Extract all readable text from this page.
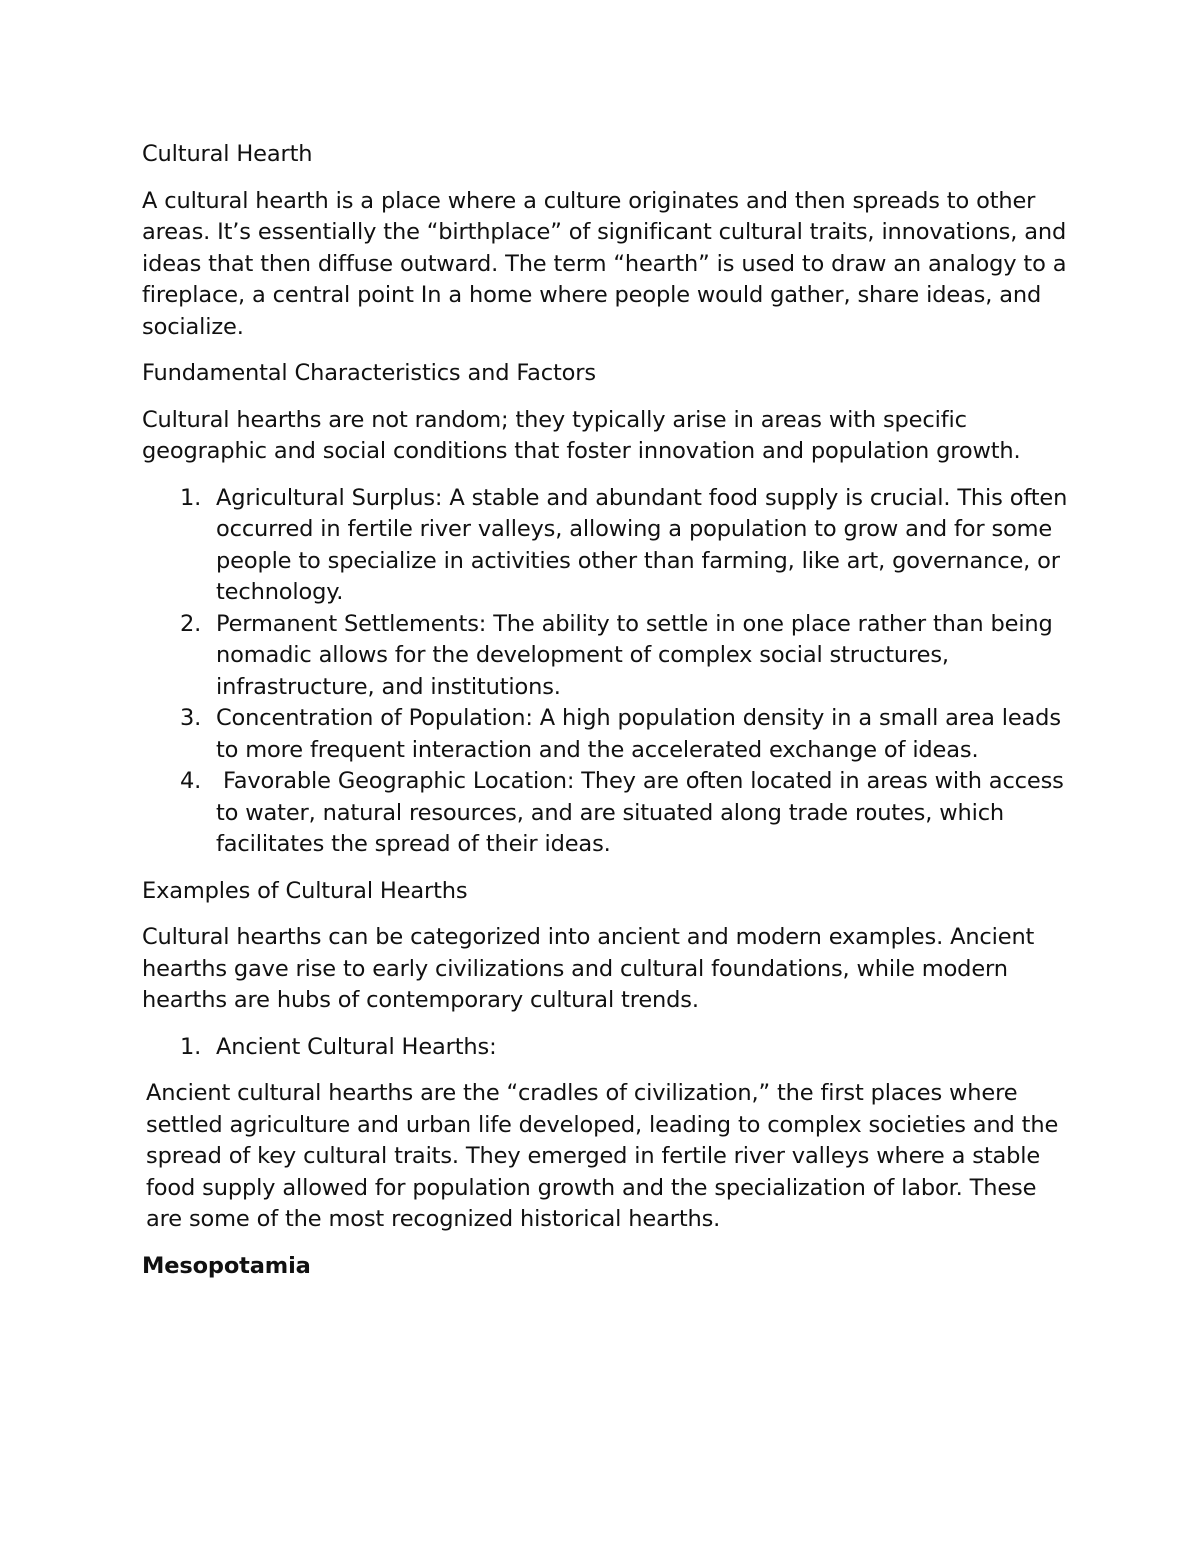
Cultural Hearth

A cultural hearth is a place where a culture originates and then spreads to other areas. It’s essentially the “birthplace” of significant cultural traits, innovations, and ideas that then diffuse outward. The term “hearth” is used to draw an analogy to a fireplace, a central point In a home where people would gather, share ideas, and socialize.

Fundamental Characteristics and Factors

Cultural hearths are not random; they typically arise in areas with specific geographic and social conditions that foster innovation and population growth.

1. Agricultural Surplus: A stable and abundant food supply is crucial. This often occurred in fertile river valleys, allowing a population to grow and for some people to specialize in activities other than farming, like art, governance, or technology.
2. Permanent Settlements: The ability to settle in one place rather than being nomadic allows for the development of complex social structures, infrastructure, and institutions.
3. Concentration of Population: A high population density in a small area leads to more frequent interaction and the accelerated exchange of ideas.
4. Favorable Geographic Location: They are often located in areas with access to water, natural resources, and are situated along trade routes, which facilitates the spread of their ideas.

Examples of Cultural Hearths

Cultural hearths can be categorized into ancient and modern examples. Ancient hearths gave rise to early civilizations and cultural foundations, while modern hearths are hubs of contemporary cultural trends.

1. Ancient Cultural Hearths:

Ancient cultural hearths are the “cradles of civilization,” the first places where settled agriculture and urban life developed, leading to complex societies and the spread of key cultural traits. They emerged in fertile river valleys where a stable food supply allowed for population growth and the specialization of labor. These are some of the most recognized historical hearths.

Mesopotamia
